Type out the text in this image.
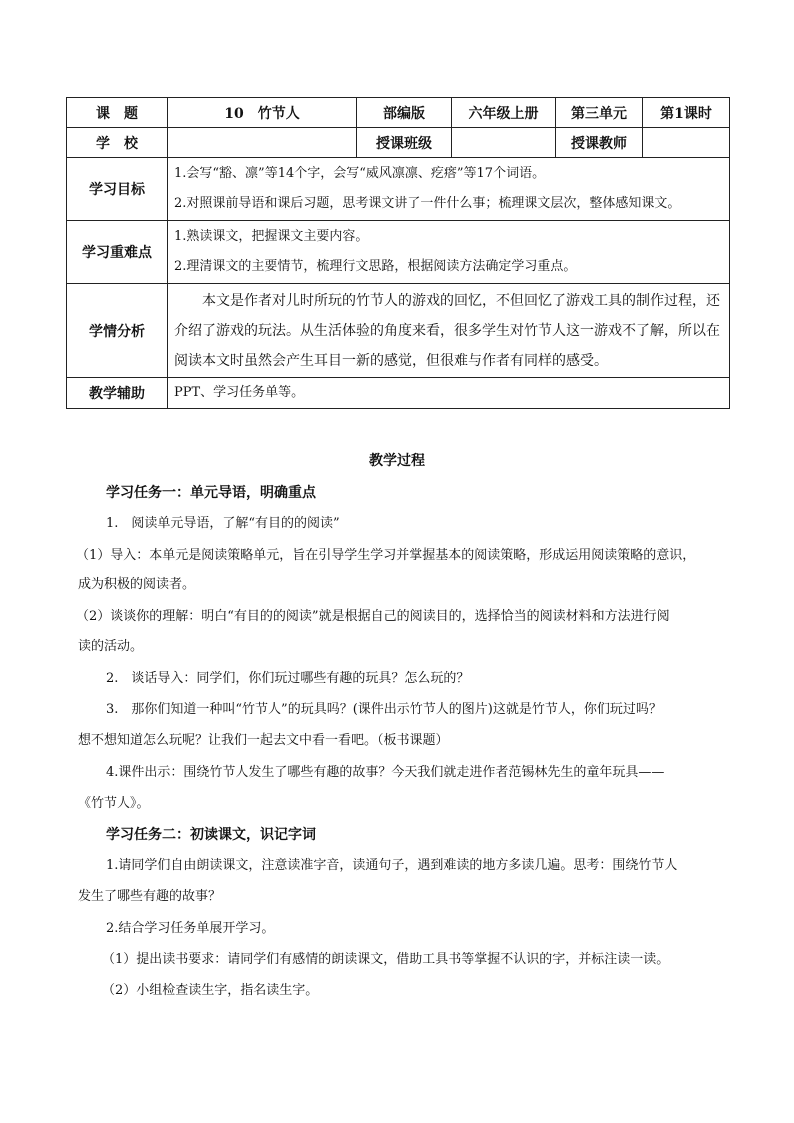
课　题	10　竹节人	部编版	六年级上册	第三单元	第1课时
学　校		授课班级		授课教师	
学习目标	1.会写“豁、凛”等14个字，会写“威风凛凛、疙瘩”等17个词语。

2.对照课前导语和课后习题，思考课文讲了一件什么事；梳理课文层次，整体感知课文。				

学习重难点	1.熟读课文，把握课文主要内容。

2.理清课文的主要情节，梳理行文思路，根据阅读方法确定学习重点。				

学情分析	本文是作者对儿时所玩的竹节人的游戏的回忆，不但回忆了游戏工具的制作过程，还介绍了游戏的玩法。从生活体验的角度来看，很多学生对竹节人这一游戏不了解，所以在阅读本文时虽然会产生耳目一新的感觉，但很难与作者有同样的感受。				

教学辅助	PPT、学习任务单等。				
教学过程
学习任务一：单元导语，明确重点
1.　阅读单元导语，了解“有目的的阅读”
（1）导入：本单元是阅读策略单元，旨在引导学生学习并掌握基本的阅读策略，形成运用阅读策略的意识，
成为积极的阅读者。
（2）谈谈你的理解：明白“有目的的阅读”就是根据自己的阅读目的，选择恰当的阅读材料和方法进行阅
读的活动。
2.　谈话导入：同学们，你们玩过哪些有趣的玩具？怎么玩的？
3.　那你们知道一种叫“竹节人”的玩具吗？(课件出示竹节人的图片)这就是竹节人，你们玩过吗？
想不想知道怎么玩呢？让我们一起去文中看一看吧。（板书课题）
4.课件出示：围绕竹节人发生了哪些有趣的故事？今天我们就走进作者范锡林先生的童年玩具——
《竹节人》。
学习任务二：初读课文，识记字词
1.请同学们自由朗读课文，注意读准字音，读通句子，遇到难读的地方多读几遍。思考：围绕竹节人
发生了哪些有趣的故事？
2.结合学习任务单展开学习。
（1）提出读书要求：请同学们有感情的朗读课文，借助工具书等掌握不认识的字，并标注读一读。
（2）小组检查读生字，指名读生字。
